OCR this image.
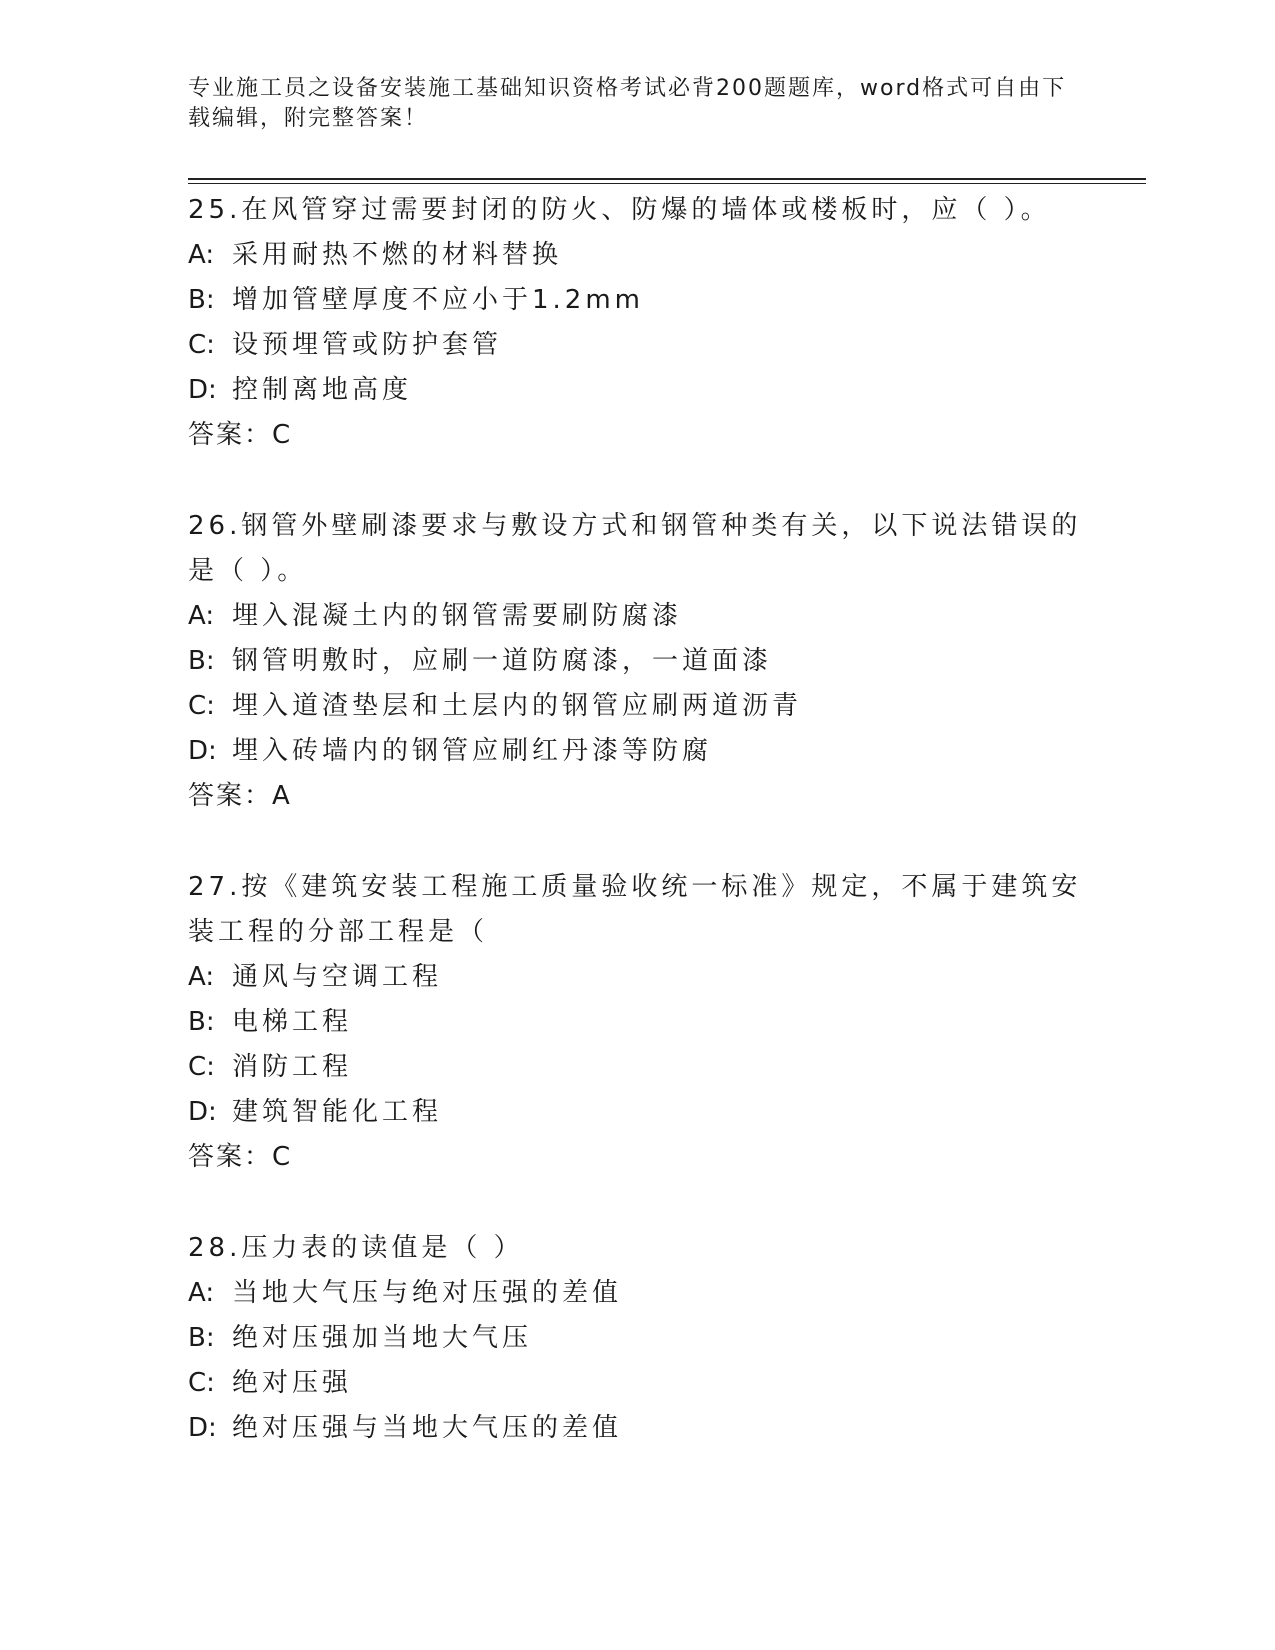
专业施工员之设备安装施工基础知识资格考试必背200题题库，word格式可自由下载编辑，附完整答案！
25.在风管穿过需要封闭的防火、防爆的墙体或楼板时，应（ ）。
A: 采用耐热不燃的材料替换
B: 增加管壁厚度不应小于1.2mm
C: 设预埋管或防护套管
D: 控制离地高度
答案：C
26.钢管外壁刷漆要求与敷设方式和钢管种类有关，以下说法错误的是（ ）。
A: 埋入混凝土内的钢管需要刷防腐漆
B: 钢管明敷时，应刷一道防腐漆，一道面漆
C: 埋入道渣垫层和土层内的钢管应刷两道沥青
D: 埋入砖墙内的钢管应刷红丹漆等防腐
答案：A
27.按《建筑安装工程施工质量验收统一标准》规定，不属于建筑安装工程的分部工程是（
A: 通风与空调工程
B: 电梯工程
C: 消防工程
D: 建筑智能化工程
答案：C
28.压力表的读值是（ ）
A: 当地大气压与绝对压强的差值
B: 绝对压强加当地大气压
C: 绝对压强
D: 绝对压强与当地大气压的差值
